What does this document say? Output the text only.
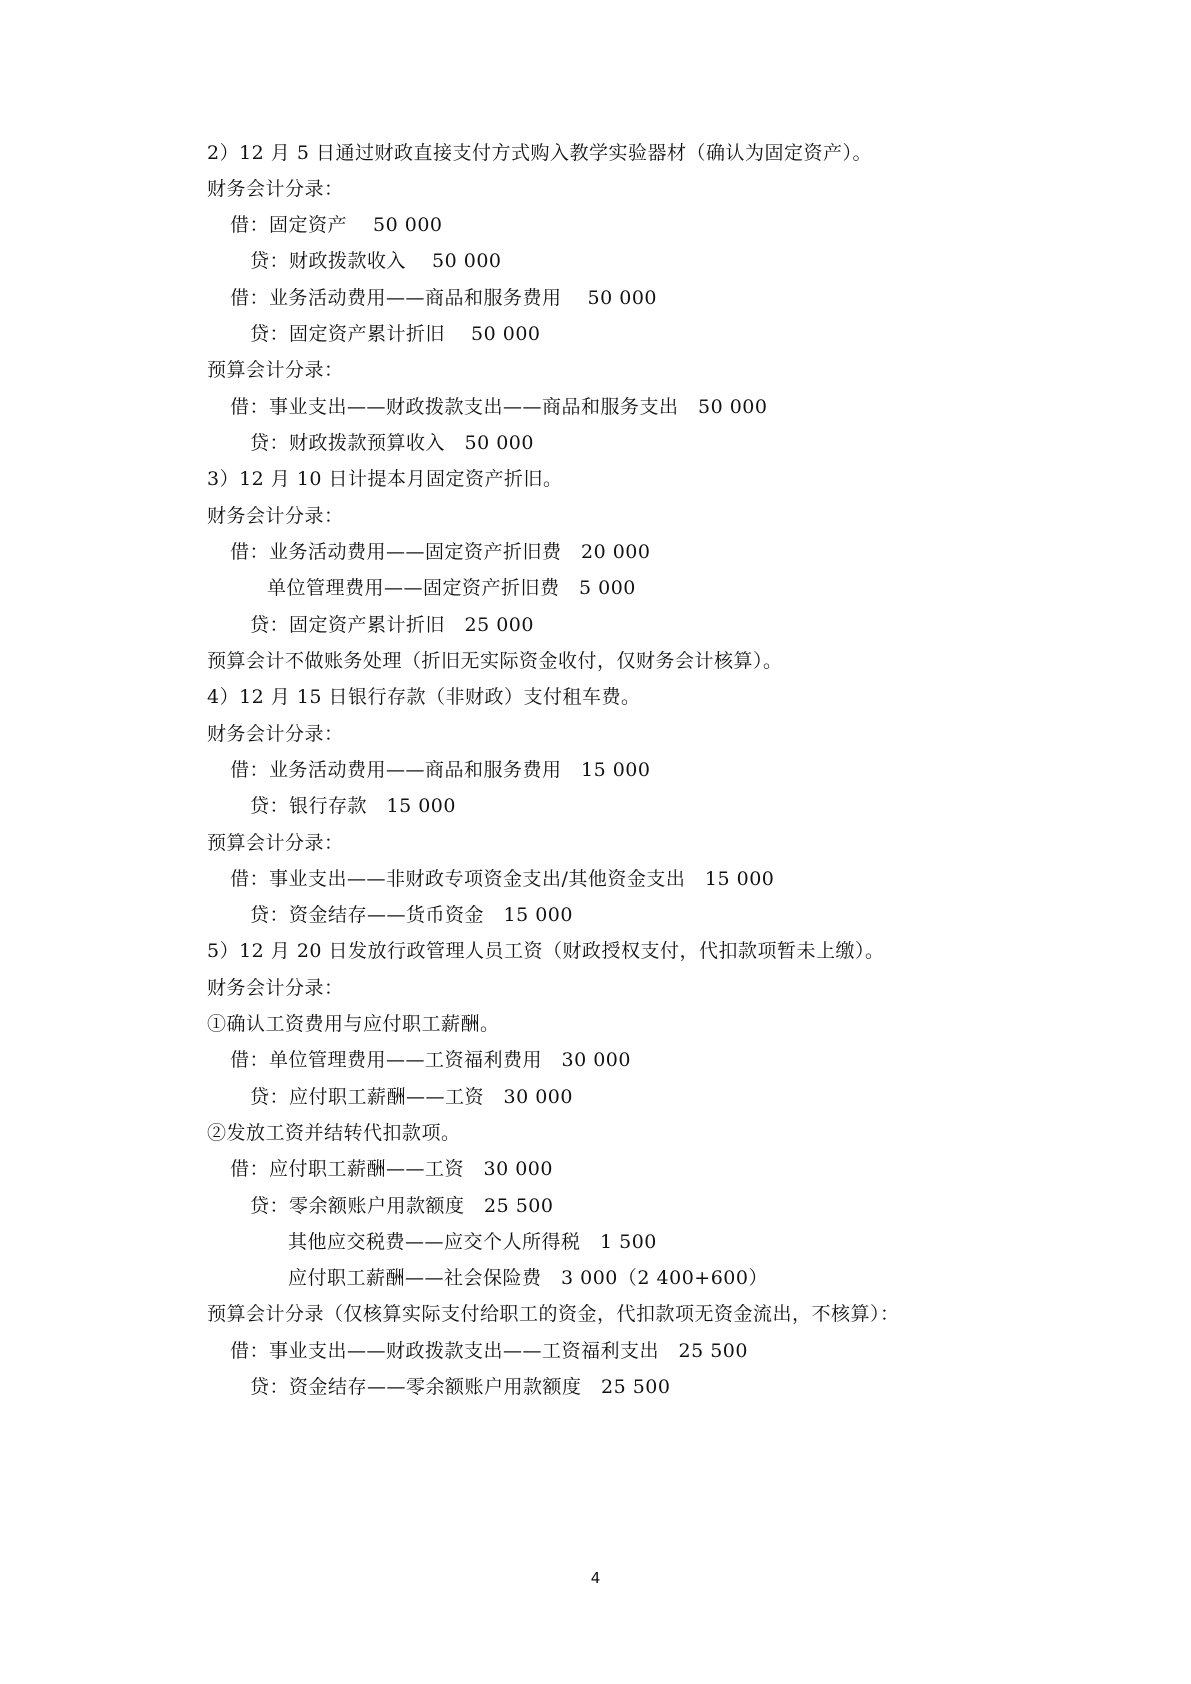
2）12 月 5 日通过财政直接支付方式购入教学实验器材（确认为固定资产）。
财务会计分录：
借：固定资产　 50 000
贷：财政拨款收入　 50 000
借：业务活动费用——商品和服务费用　 50 000
贷：固定资产累计折旧　 50 000
预算会计分录：
借：事业支出——财政拨款支出——商品和服务支出　50 000
贷：财政拨款预算收入　50 000
3）12 月 10 日计提本月固定资产折旧。
财务会计分录：
借：业务活动费用——固定资产折旧费　20 000
单位管理费用——固定资产折旧费　5 000
贷：固定资产累计折旧　25 000
预算会计不做账务处理（折旧无实际资金收付，仅财务会计核算）。
4）12 月 15 日银行存款（非财政）支付租车费。
财务会计分录：
借：业务活动费用——商品和服务费用　15 000
贷：银行存款　15 000
预算会计分录：
借：事业支出——非财政专项资金支出/其他资金支出　15 000
贷：资金结存——货币资金　15 000
5）12 月 20 日发放行政管理人员工资（财政授权支付，代扣款项暂未上缴）。
财务会计分录：
①确认工资费用与应付职工薪酬。
借：单位管理费用——工资福利费用　30 000
贷：应付职工薪酬——工资　30 000
②发放工资并结转代扣款项。
借：应付职工薪酬——工资　30 000
贷：零余额账户用款额度　25 500
其他应交税费——应交个人所得税　1 500
应付职工薪酬——社会保险费　3 000（2 400+600）
预算会计分录（仅核算实际支付给职工的资金，代扣款项无资金流出，不核算）：
借：事业支出——财政拨款支出——工资福利支出　25 500
贷：资金结存——零余额账户用款额度　25 500
4
